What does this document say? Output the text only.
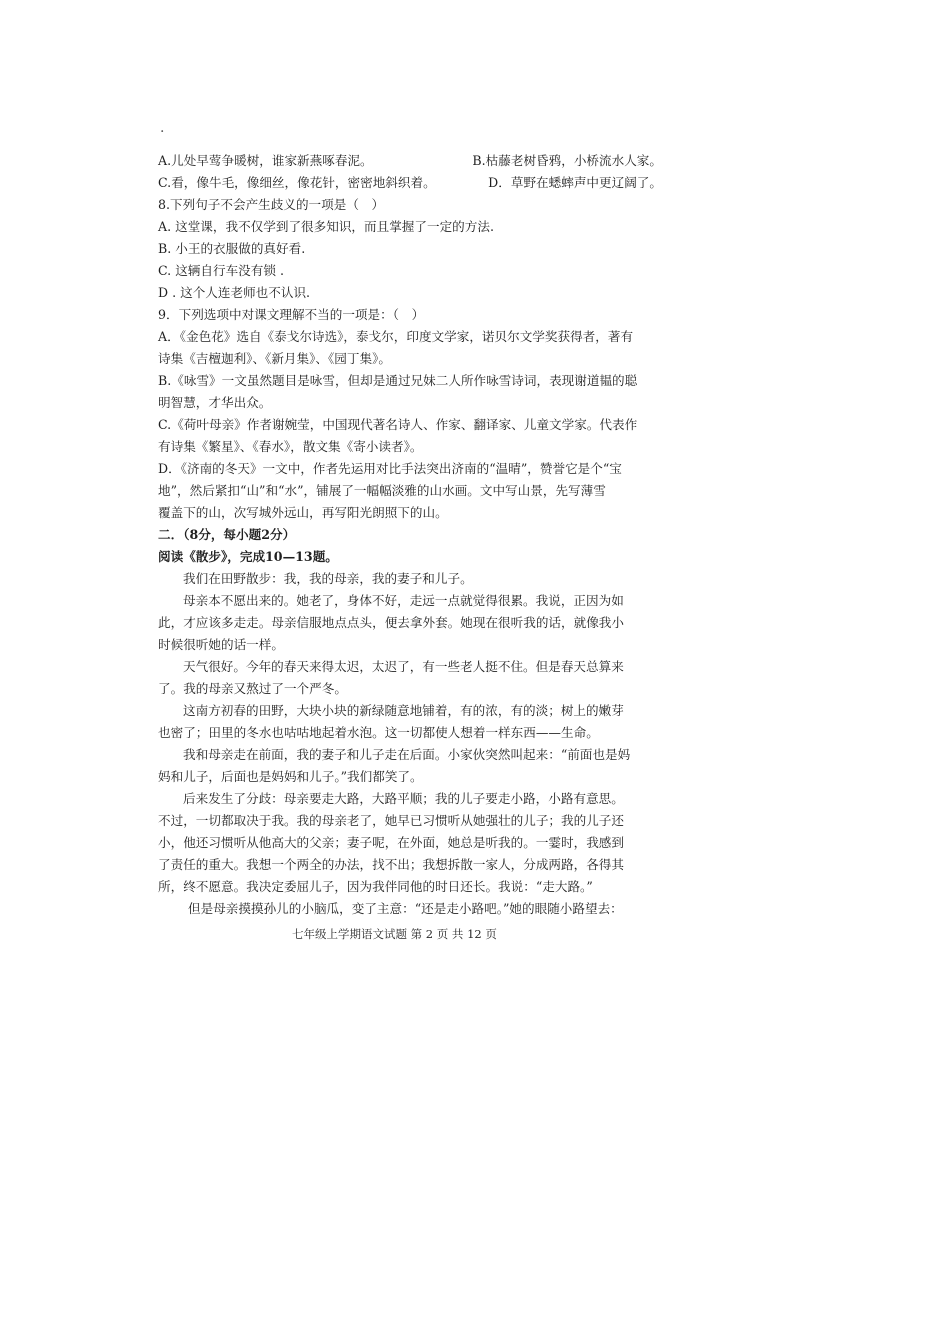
·
A.儿处早莺争暖树，谁家新燕啄春泥。	B.枯藤老树昏鸦，小桥流水人家。
C.看，像牛毛，像细丝，像花针，密密地斜织着。	D．草野在蟋蟀声中更辽阔了。
8.下列句子不会产生歧义的一项是（　）
A. 这堂课，我不仅学到了很多知识，而且掌握了一定的方法.
B. 小王的衣服做的真好看.
C. 这辆自行车没有锁 .
D . 这个人连老师也不认识.
9．下列选项中对课文理解不当的一项是：（　）
A．《金色花》选自《泰戈尔诗选》，泰戈尔，印度文学家，诺贝尔文学奖获得者，著有
诗集《吉檀迦利》、《新月集》、《园丁集》。
B.《咏雪》一文虽然题目是咏雪，但却是通过兄妹二人所作咏雪诗词，表现谢道韫的聪
明智慧，才华出众。
C.《荷叶母亲》作者谢婉莹，中国现代著名诗人、作家、翻译家、儿童文学家。代表作
有诗集《繁星》、《春水》，散文集《寄小读者》。
D．《济南的冬天》一文中，作者先运用对比手法突出济南的“温晴”，赞誉它是个“宝
地”，然后紧扣“山”和“水”，铺展了一幅幅淡雅的山水画。文中写山景，先写薄雪
覆盖下的山，次写城外远山，再写阳光朗照下的山。
二．（8分，每小题2分）
阅读《散步》，完成10—13题。
我们在田野散步：我，我的母亲，我的妻子和儿子。
母亲本不愿出来的。她老了，身体不好，走远一点就觉得很累。我说，正因为如
此，才应该多走走。母亲信服地点点头，便去拿外套。她现在很听我的话，就像我小
时候很听她的话一样。
天气很好。今年的春天来得太迟，太迟了，有一些老人挺不住。但是春天总算来
了。我的母亲又熬过了一个严冬。
这南方初春的田野，大块小块的新绿随意地铺着，有的浓，有的淡；树上的嫩芽
也密了；田里的冬水也咕咕地起着水泡。这一切都使人想着一样东西——生命。
我和母亲走在前面，我的妻子和儿子走在后面。小家伙突然叫起来：“前面也是妈
妈和儿子，后面也是妈妈和儿子。”我们都笑了。
后来发生了分歧：母亲要走大路，大路平顺；我的儿子要走小路，小路有意思。
不过，一切都取决于我。我的母亲老了，她早已习惯听从她强壮的儿子；我的儿子还
小，他还习惯听从他高大的父亲；妻子呢，在外面，她总是听我的。一霎时，我感到
了责任的重大。我想一个两全的办法，找不出；我想拆散一家人，分成两路，各得其
所，终不愿意。我决定委屈儿子，因为我伴同他的时日还长。我说：“走大路。”
但是母亲摸摸孙儿的小脑瓜，变了主意：“还是走小路吧。”她的眼随小路望去：
七年级上学期语文试题 第 2 页 共 12 页
